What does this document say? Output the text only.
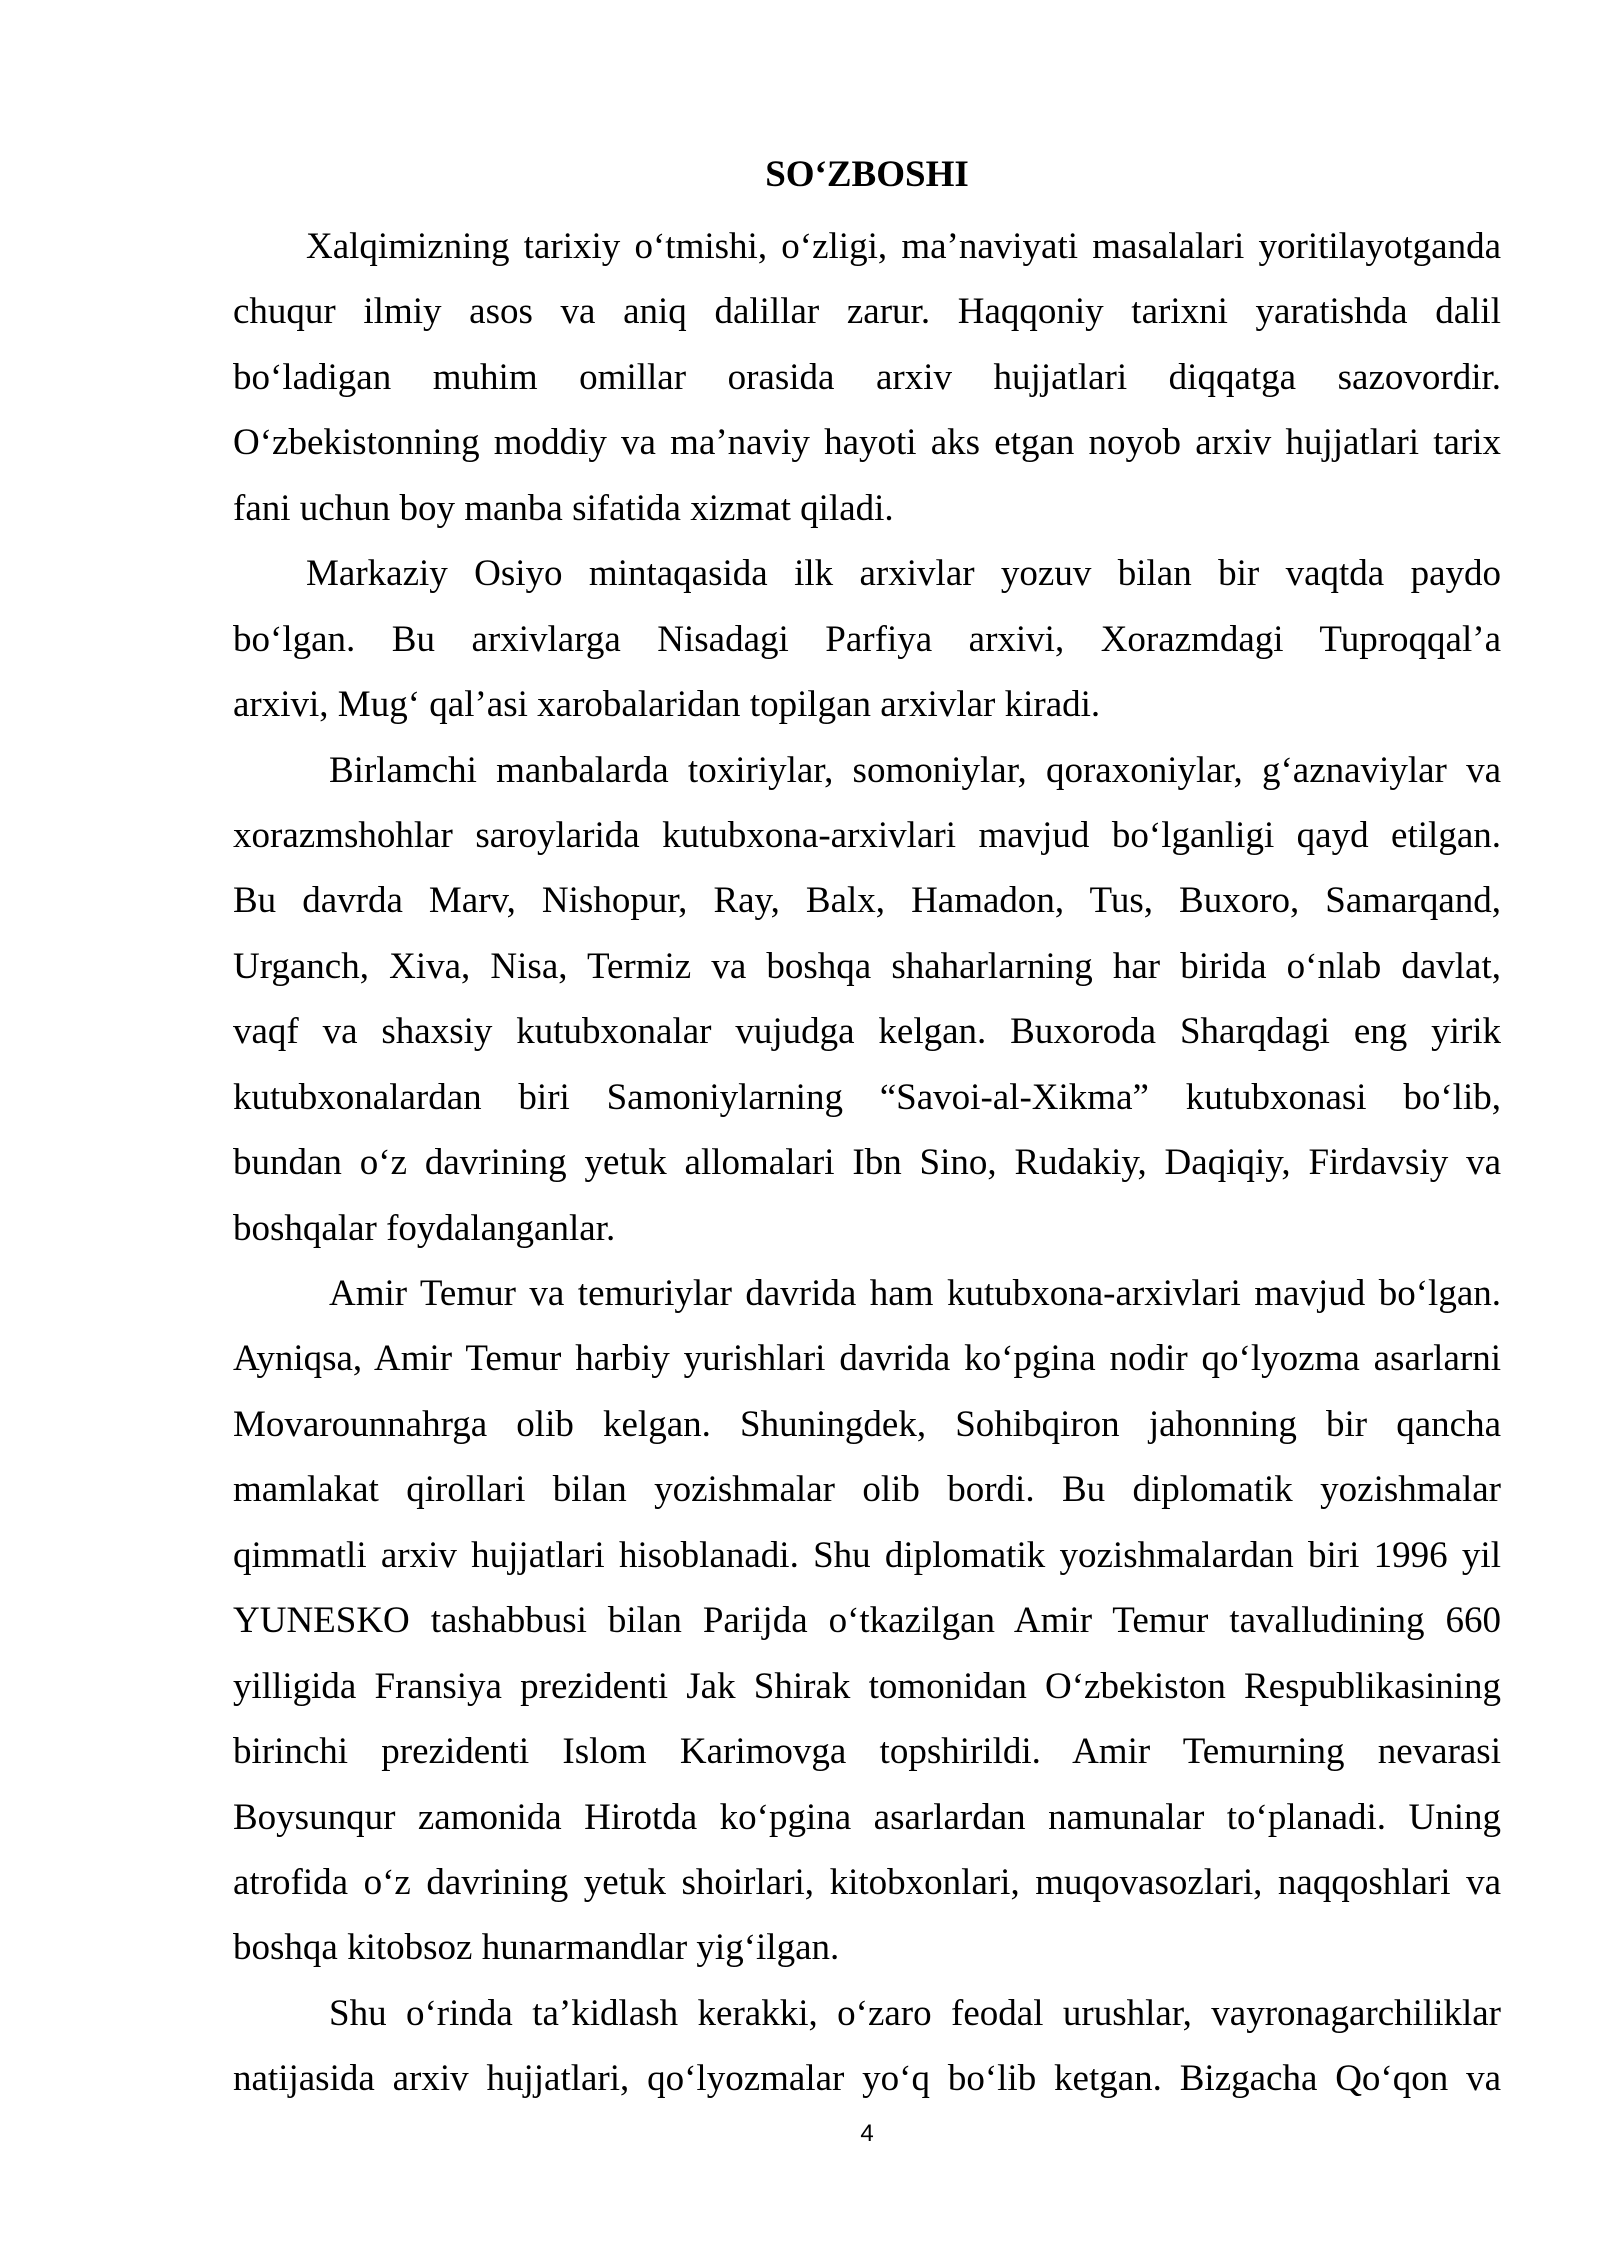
SO‘ZBOSHI
Xalqimizning tarixiy o‘tmishi, o‘zligi, ma’naviyati masalalari yoritilayotganda
chuqur ilmiy asos va aniq dalillar zarur. Haqqoniy tarixni yaratishda dalil
bo‘ladigan muhim omillar orasida arxiv hujjatlari diqqatga sazovordir.
O‘zbekistonning moddiy va ma’naviy hayoti aks etgan noyob arxiv hujjatlari tarix
fani uchun boy manba sifatida xizmat qiladi.
Markaziy Osiyo mintaqasida ilk arxivlar yozuv bilan bir vaqtda paydo
bo‘lgan. Bu arxivlarga Nisadagi Parfiya arxivi, Xorazmdagi Tuproqqal’a
arxivi, Mug‘ qal’asi xarobalaridan topilgan arxivlar kiradi.
Birlamchi manbalarda toxiriylar, somoniylar, qoraxoniylar, g‘aznaviylar va
xorazmshohlar saroylarida kutubxona-arxivlari mavjud bo‘lganligi qayd etilgan.
Bu davrda Marv, Nishopur, Ray, Balx, Hamadon, Tus, Buxoro, Samarqand,
Urganch, Xiva, Nisa, Termiz va boshqa shaharlarning har birida o‘nlab davlat,
vaqf va shaxsiy kutubxonalar vujudga kelgan. Buxoroda Sharqdagi eng yirik
kutubxonalardan biri Samoniylarning “Savoi-al-Xikma” kutubxonasi bo‘lib,
bundan o‘z davrining yetuk allomalari Ibn Sino, Rudakiy, Daqiqiy, Firdavsiy va
boshqalar foydalanganlar.
Amir Temur va temuriylar davrida ham kutubxona-arxivlari mavjud bo‘lgan.
Ayniqsa, Amir Temur harbiy yurishlari davrida ko‘pgina nodir qo‘lyozma asarlarni
Movarounnahrga olib kelgan. Shuningdek, Sohibqiron jahonning bir qancha
mamlakat qirollari bilan yozishmalar olib bordi. Bu diplomatik yozishmalar
qimmatli arxiv hujjatlari hisoblanadi. Shu diplomatik yozishmalardan biri 1996 yil
YUNESKO tashabbusi bilan Parijda o‘tkazilgan Amir Temur tavalludining 660
yilligida Fransiya prezidenti Jak Shirak tomonidan O‘zbekiston Respublikasining
birinchi prezidenti Islom Karimovga topshirildi. Amir Temurning nevarasi
Boysunqur zamonida Hirotda ko‘pgina asarlardan namunalar to‘planadi. Uning
atrofida o‘z davrining yetuk shoirlari, kitobxonlari, muqovasozlari, naqqoshlari va
boshqa kitobsoz hunarmandlar yig‘ilgan.
Shu o‘rinda ta’kidlash kerakki, o‘zaro feodal urushlar, vayronagarchiliklar
natijasida arxiv hujjatlari, qo‘lyozmalar yo‘q bo‘lib ketgan. Bizgacha Qo‘qon va
4
